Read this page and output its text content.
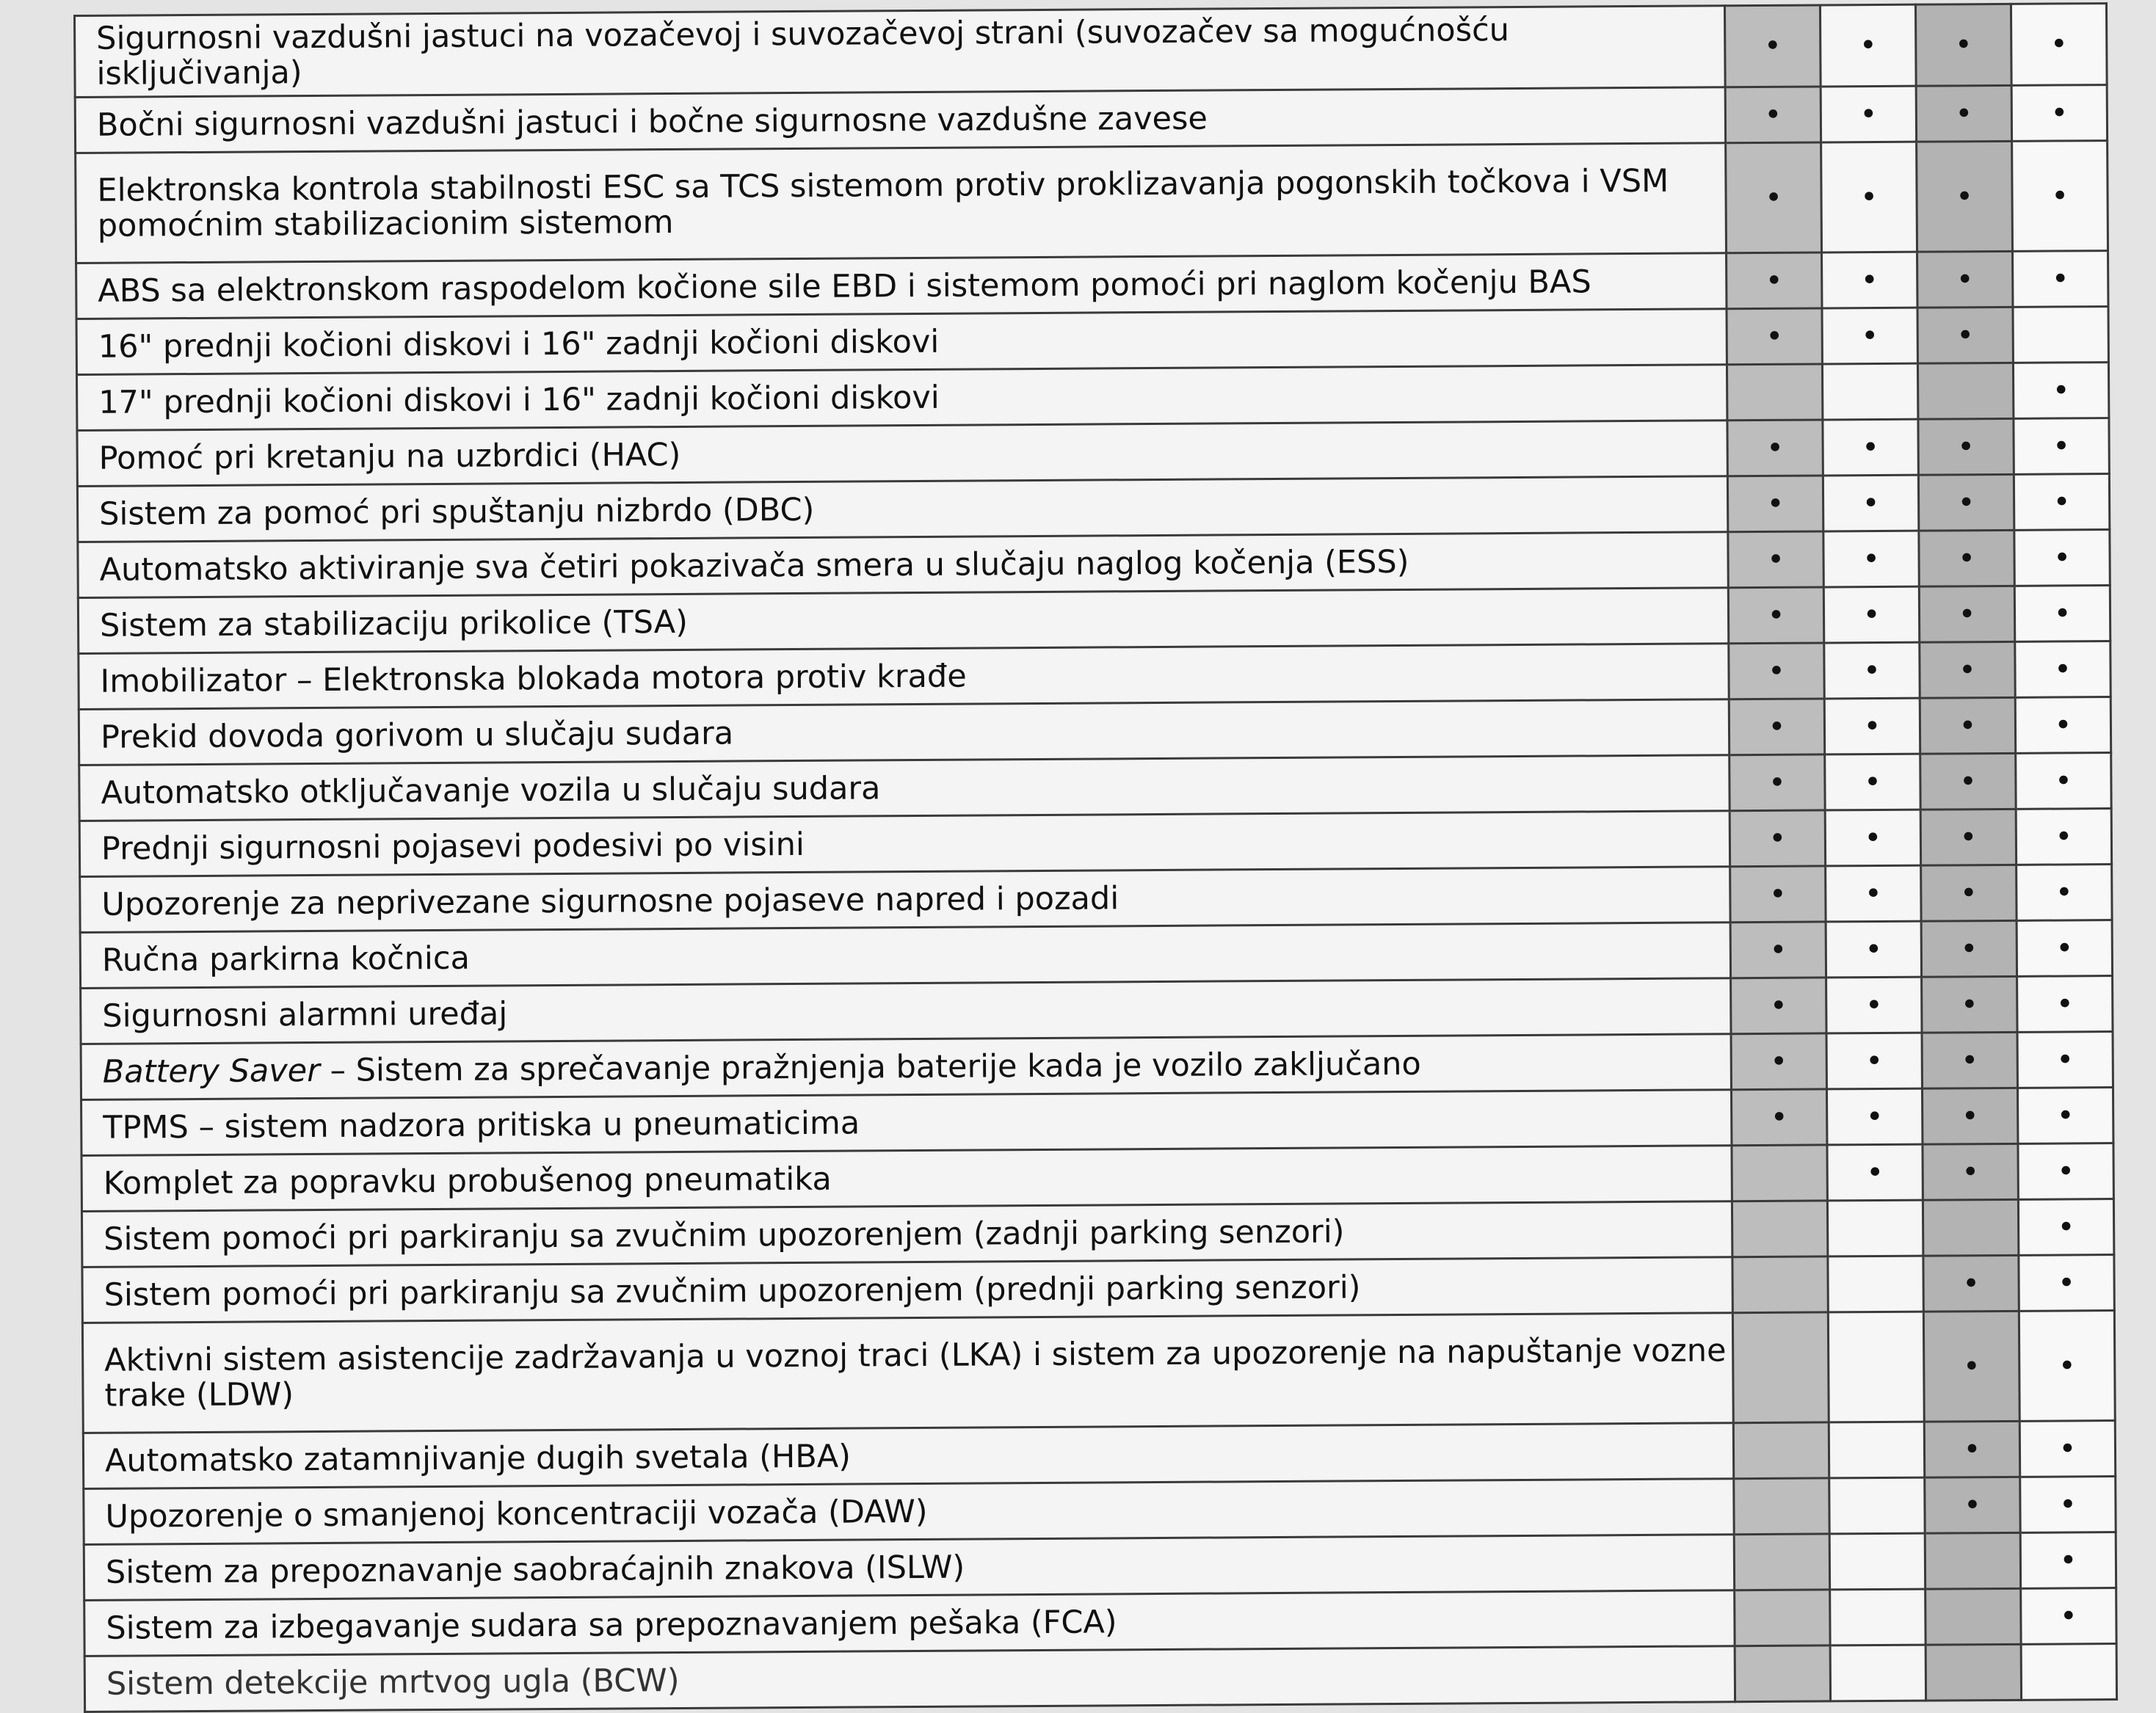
Sigurnosni vazdušni jastuci na vozačevoj i suvozačevoj strani (suvozačev sa mogućnošću isključivanja)	•	•	•	•
Bočni sigurnosni vazdušni jastuci i bočne sigurnosne vazdušne zavese	•	•	•	•
Elektronska kontrola stabilnosti ESC sa TCS sistemom protiv proklizavanja pogonskih točkova i VSM pomoćnim stabilizacionim sistemom	•	•	•	•
ABS sa elektronskom raspodelom kočione sile EBD i sistemom pomoći pri naglom kočenju BAS	•	•	•	•
16" prednji kočioni diskovi i 16" zadnji kočioni diskovi	•	•	•	
17" prednji kočioni diskovi i 16" zadnji kočioni diskovi				•
Pomoć pri kretanju na uzbrdici (HAC)	•	•	•	•
Sistem za pomoć pri spuštanju nizbrdo (DBC)	•	•	•	•
Automatsko aktiviranje sva četiri pokazivača smera u slučaju naglog kočenja (ESS)	•	•	•	•
Sistem za stabilizaciju prikolice (TSA)	•	•	•	•
Imobilizator – Elektronska blokada motora protiv krađe	•	•	•	•
Prekid dovoda gorivom u slučaju sudara	•	•	•	•
Automatsko otključavanje vozila u slučaju sudara	•	•	•	•
Prednji sigurnosni pojasevi podesivi po visini	•	•	•	•
Upozorenje za neprivezane sigurnosne pojaseve napred i pozadi	•	•	•	•
Ručna parkirna kočnica	•	•	•	•
Sigurnosni alarmni uređaj	•	•	•	•
Battery Saver – Sistem za sprečavanje pražnjenja baterije kada je vozilo zaključano	•	•	•	•
TPMS – sistem nadzora pritiska u pneumaticima	•	•	•	•
Komplet za popravku probušenog pneumatika		•	•	•
Sistem pomoći pri parkiranju sa zvučnim upozorenjem (zadnji parking senzori)				•
Sistem pomoći pri parkiranju sa zvučnim upozorenjem (prednji parking senzori)			•	•
Aktivni sistem asistencije zadržavanja u voznoj traci (LKA) i sistem za upozorenje na napuštanje vozne trake (LDW)			•	•
Automatsko zatamnjivanje dugih svetala (HBA)			•	•
Upozorenje o smanjenoj koncentraciji vozača (DAW)			•	•
Sistem za prepoznavanje saobraćajnih znakova (ISLW)				•
Sistem za izbegavanje sudara sa prepoznavanjem pešaka (FCA)				•
Sistem detekcije mrtvog ugla (BCW)				
